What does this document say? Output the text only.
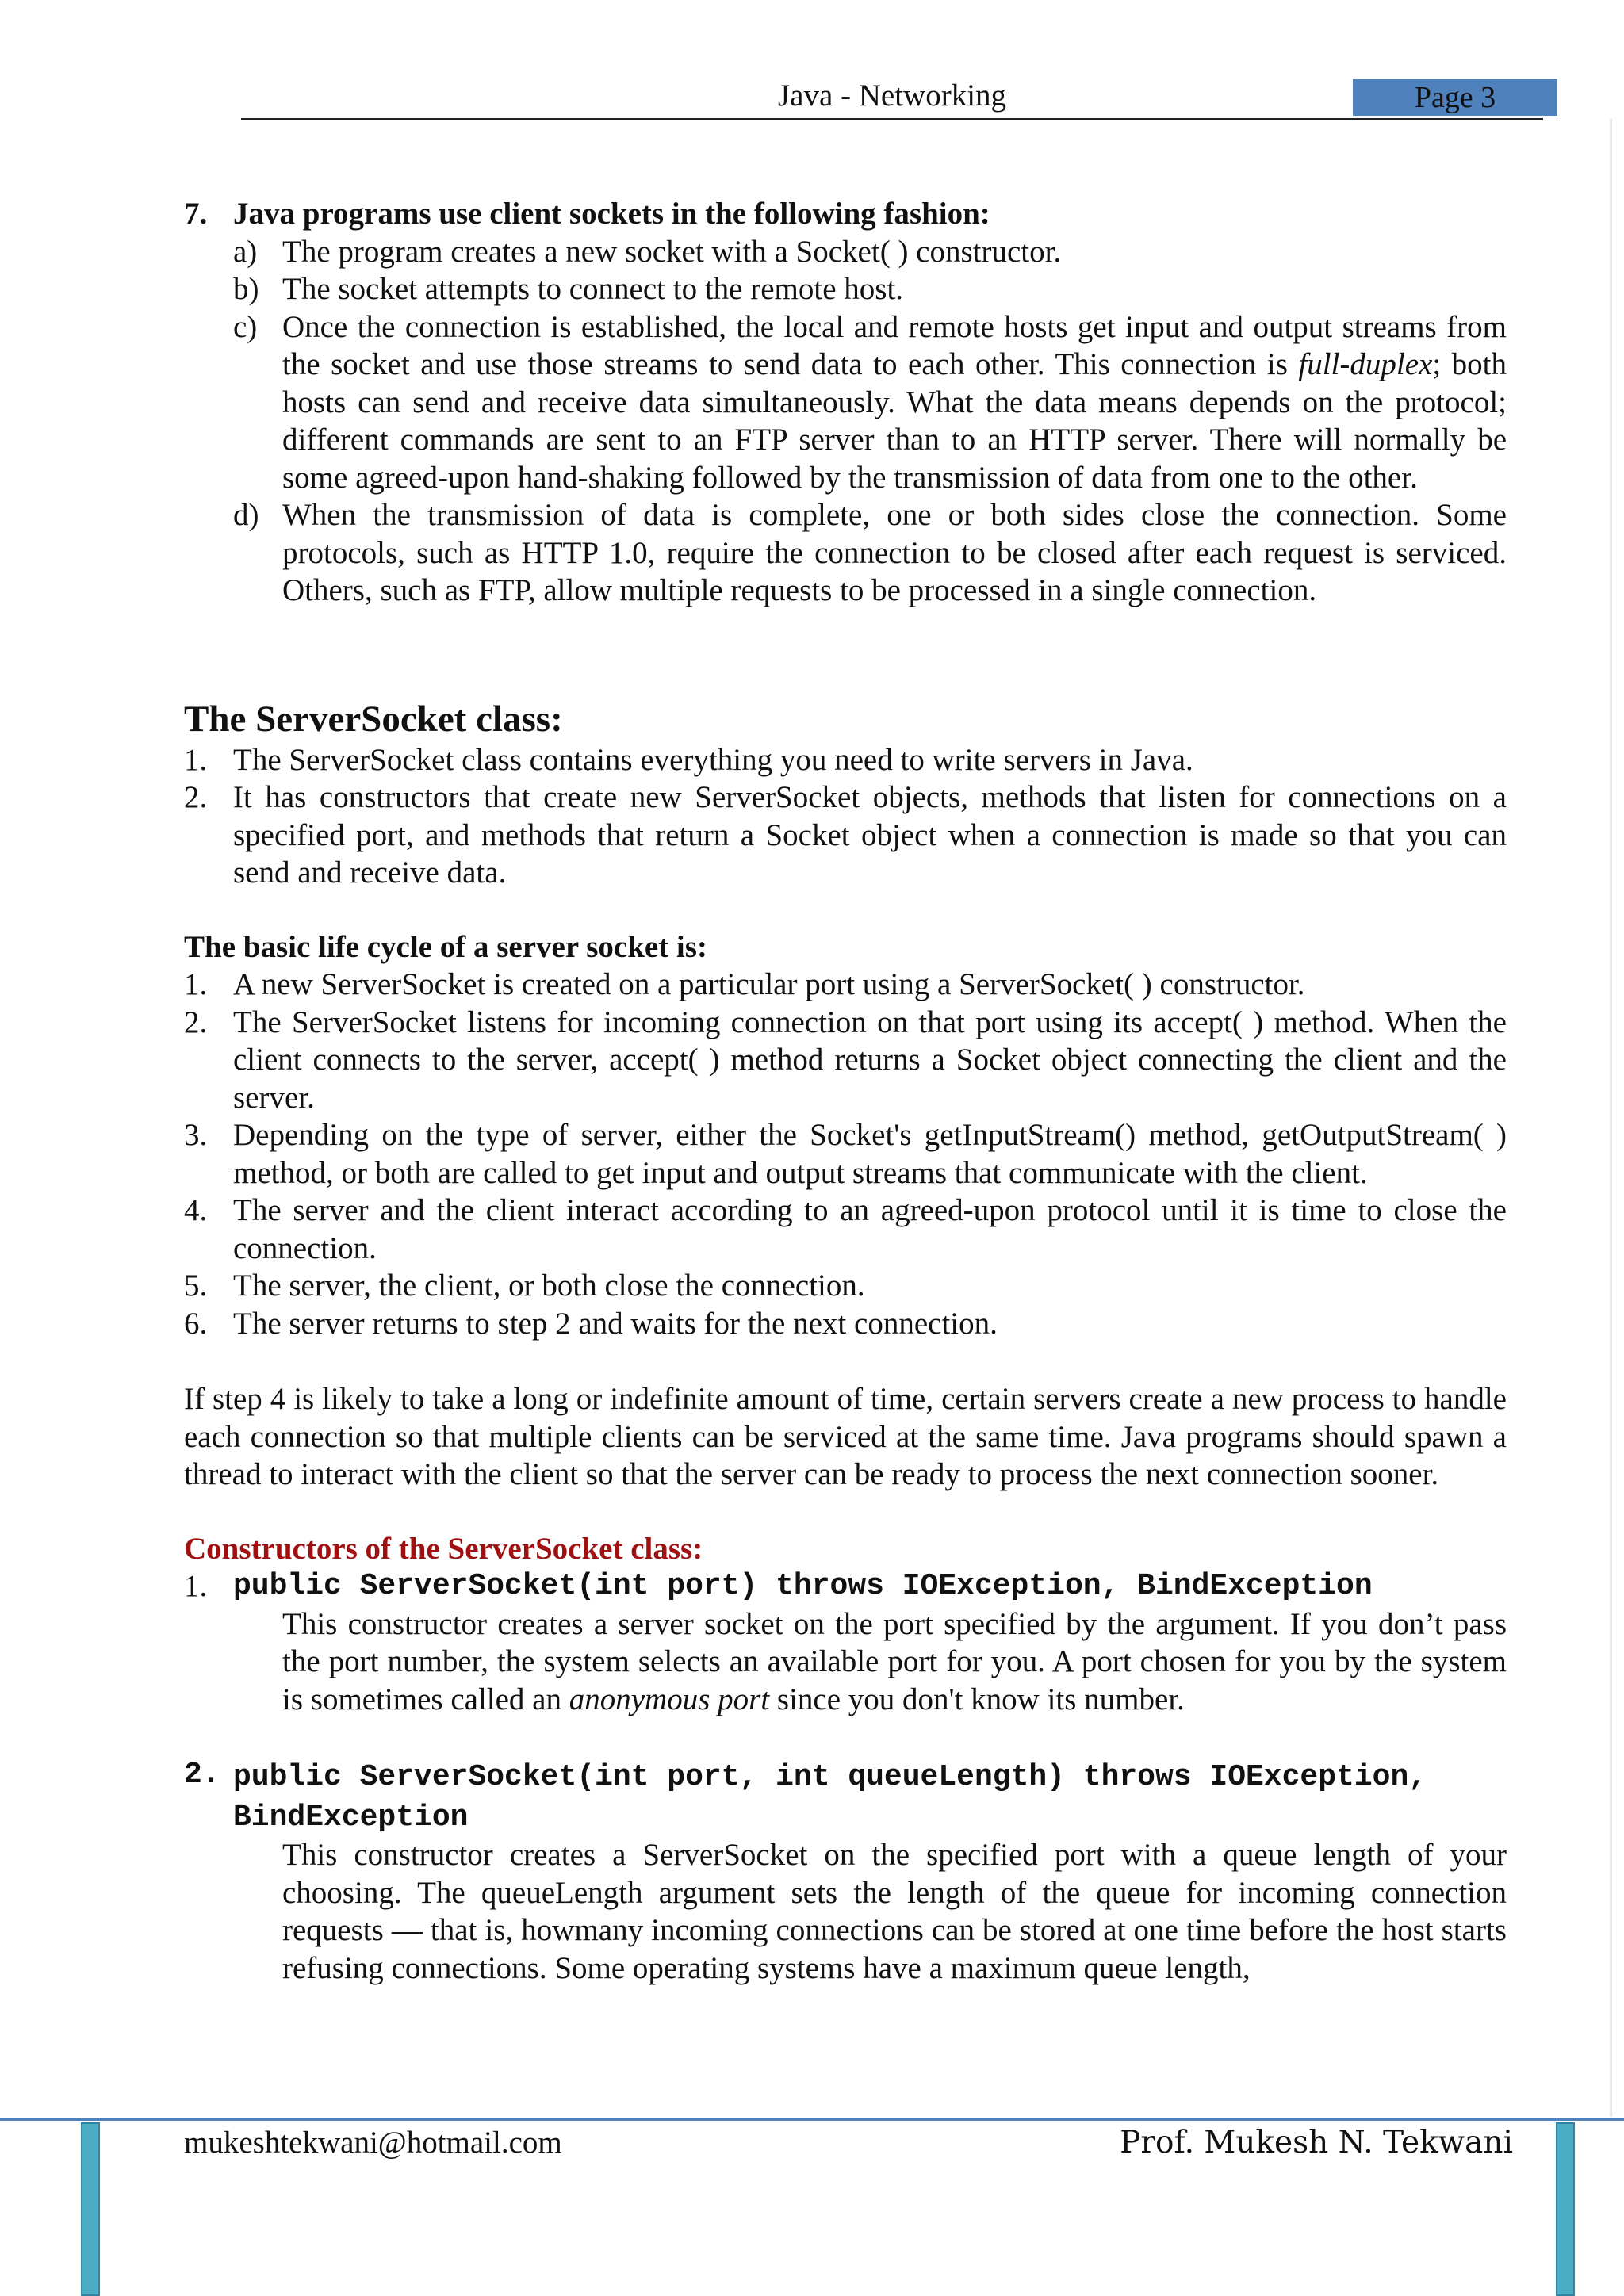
Java - Networking	Page 3
7. Java programs use client sockets in the following fashion:
a) The program creates a new socket with a Socket( ) constructor.
b) The socket attempts to connect to the remote host.
c) Once the connection is established, the local and remote hosts get input and output streams from the socket and use those streams to send data to each other. This connection is full-duplex; both hosts can send and receive data simultaneously. What the data means depends on the protocol; different commands are sent to an FTP server than to an HTTP server. There will normally be some agreed-upon hand-shaking followed by the transmission of data from one to the other.
d) When the transmission of data is complete, one or both sides close the connection. Some protocols, such as HTTP 1.0, require the connection to be closed after each request is serviced. Others, such as FTP, allow multiple requests to be processed in a single connection.
The ServerSocket class:
1. The ServerSocket class contains everything you need to write servers in Java.
2. It has constructors that create new ServerSocket objects, methods that listen for connections on a specified port, and methods that return a Socket object when a connection is made so that you can send and receive data.
The basic life cycle of a server socket is:
1. A new ServerSocket is created on a particular port using a ServerSocket( ) constructor.
2. The ServerSocket listens for incoming connection on that port using its accept( ) method. When the client connects to the server, accept( ) method returns a Socket object connecting the client and the server.
3. Depending on the type of server, either the Socket's getInputStream() method, getOutputStream( ) method, or both are called to get input and output streams that communicate with the client.
4. The server and the client interact according to an agreed-upon protocol until it is time to close the connection.
5. The server, the client, or both close the connection.
6. The server returns to step 2 and waits for the next connection.

If step 4 is likely to take a long or indefinite amount of time, certain servers create a new process to handle each connection so that multiple clients can be serviced at the same time. Java programs should spawn a thread to interact with the client so that the server can be ready to process the next connection sooner.

Constructors of the ServerSocket class:
1. public ServerSocket(int port) throws IOException, BindException
This constructor creates a server socket on the port specified by the argument. If you don’t pass the port number, the system selects an available port for you. A port chosen for you by the system is sometimes called an anonymous port since you don't know its number.
2. public ServerSocket(int port, int queueLength) throws IOException,
BindException
This constructor creates a ServerSocket on the specified port with a queue length of your choosing. The queueLength argument sets the length of the queue for incoming connection requests — that is, howmany incoming connections can be stored at one time before the host starts refusing connections. Some operating systems have a maximum queue length,
mukeshtekwani@hotmail.com	Prof. Mukesh N. Tekwani
